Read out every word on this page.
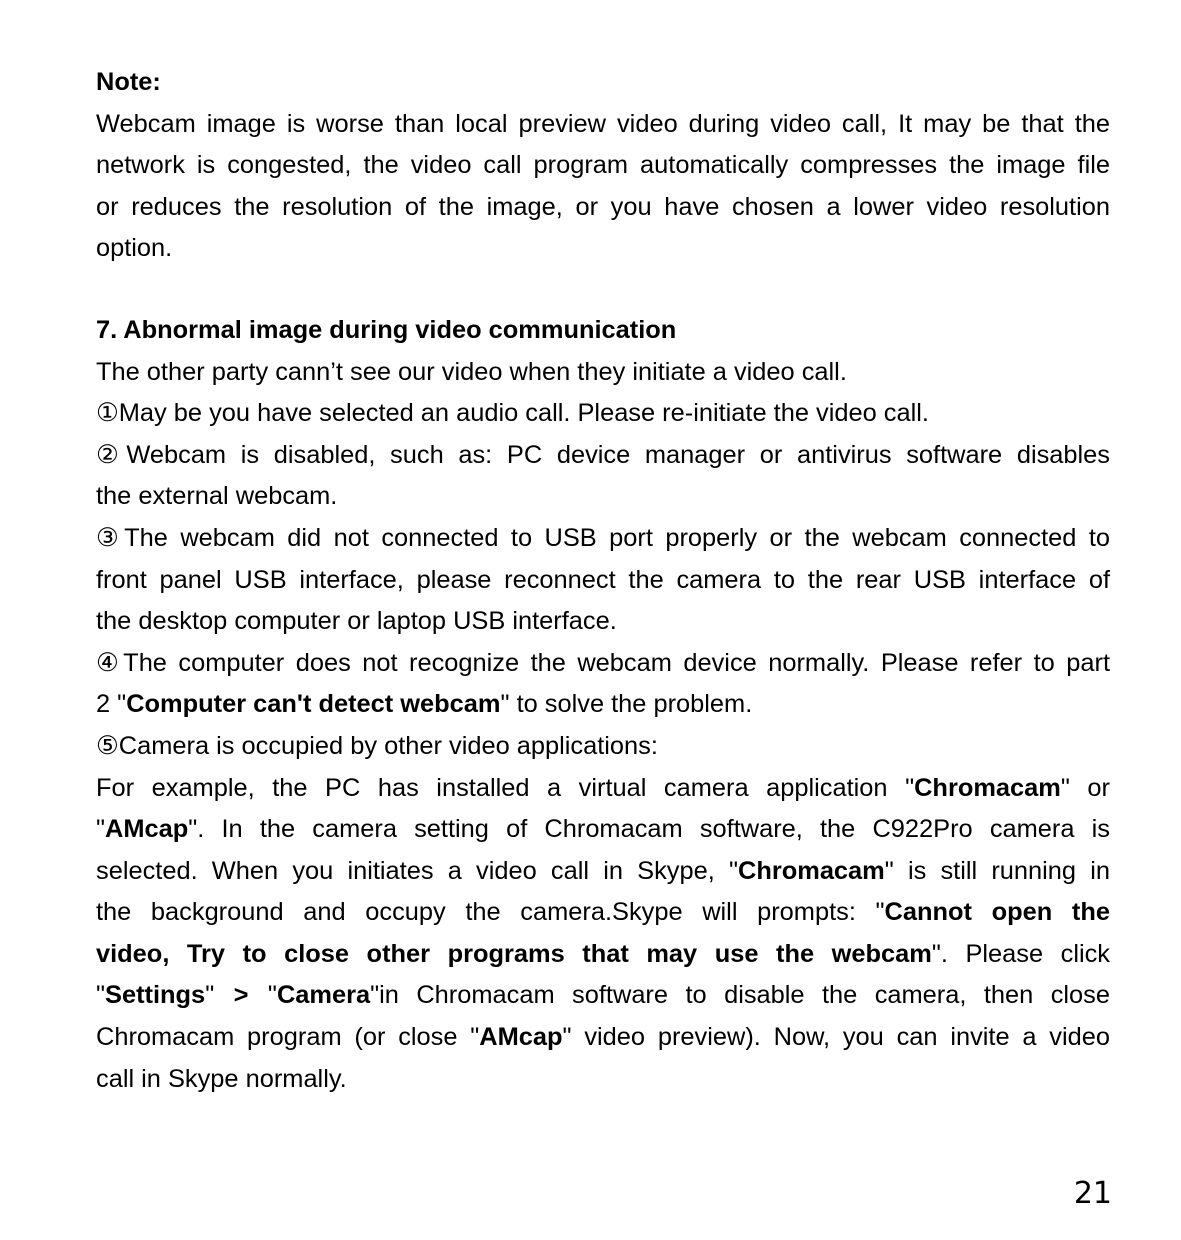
Note:
Webcam image is worse than local preview video during video call, It may be that the
network is congested, the video call program automatically compresses the image file
or reduces the resolution of the image, or you have chosen a lower video resolution
option.
7. Abnormal image during video communication
The other party cann’t see our video when they initiate a video call.
①May be you have selected an audio call. Please re-initiate the video call.
②Webcam is disabled, such as: PC device manager or antivirus software disables
the external webcam.
③The webcam did not connected to USB port properly or the webcam connected to
front panel USB interface, please reconnect the camera to the rear USB interface of
the desktop computer or laptop USB interface.
④The computer does not recognize the webcam device normally. Please refer to part
2 "Computer can't detect webcam" to solve the problem.
⑤Camera is occupied by other video applications:
For example, the PC has installed a virtual camera application "Chromacam" or
"AMcap". In the camera setting of Chromacam software, the C922Pro camera is
selected. When you initiates a video call in Skype, "Chromacam" is still running in
the background and occupy the camera.Skype will prompts: "Cannot open the
video, Try to close other programs that may use the webcam". Please click
"Settings" > "Camera"in Chromacam software to disable the camera, then close
Chromacam program (or close "AMcap" video preview). Now, you can invite a video
call in Skype normally.
21
